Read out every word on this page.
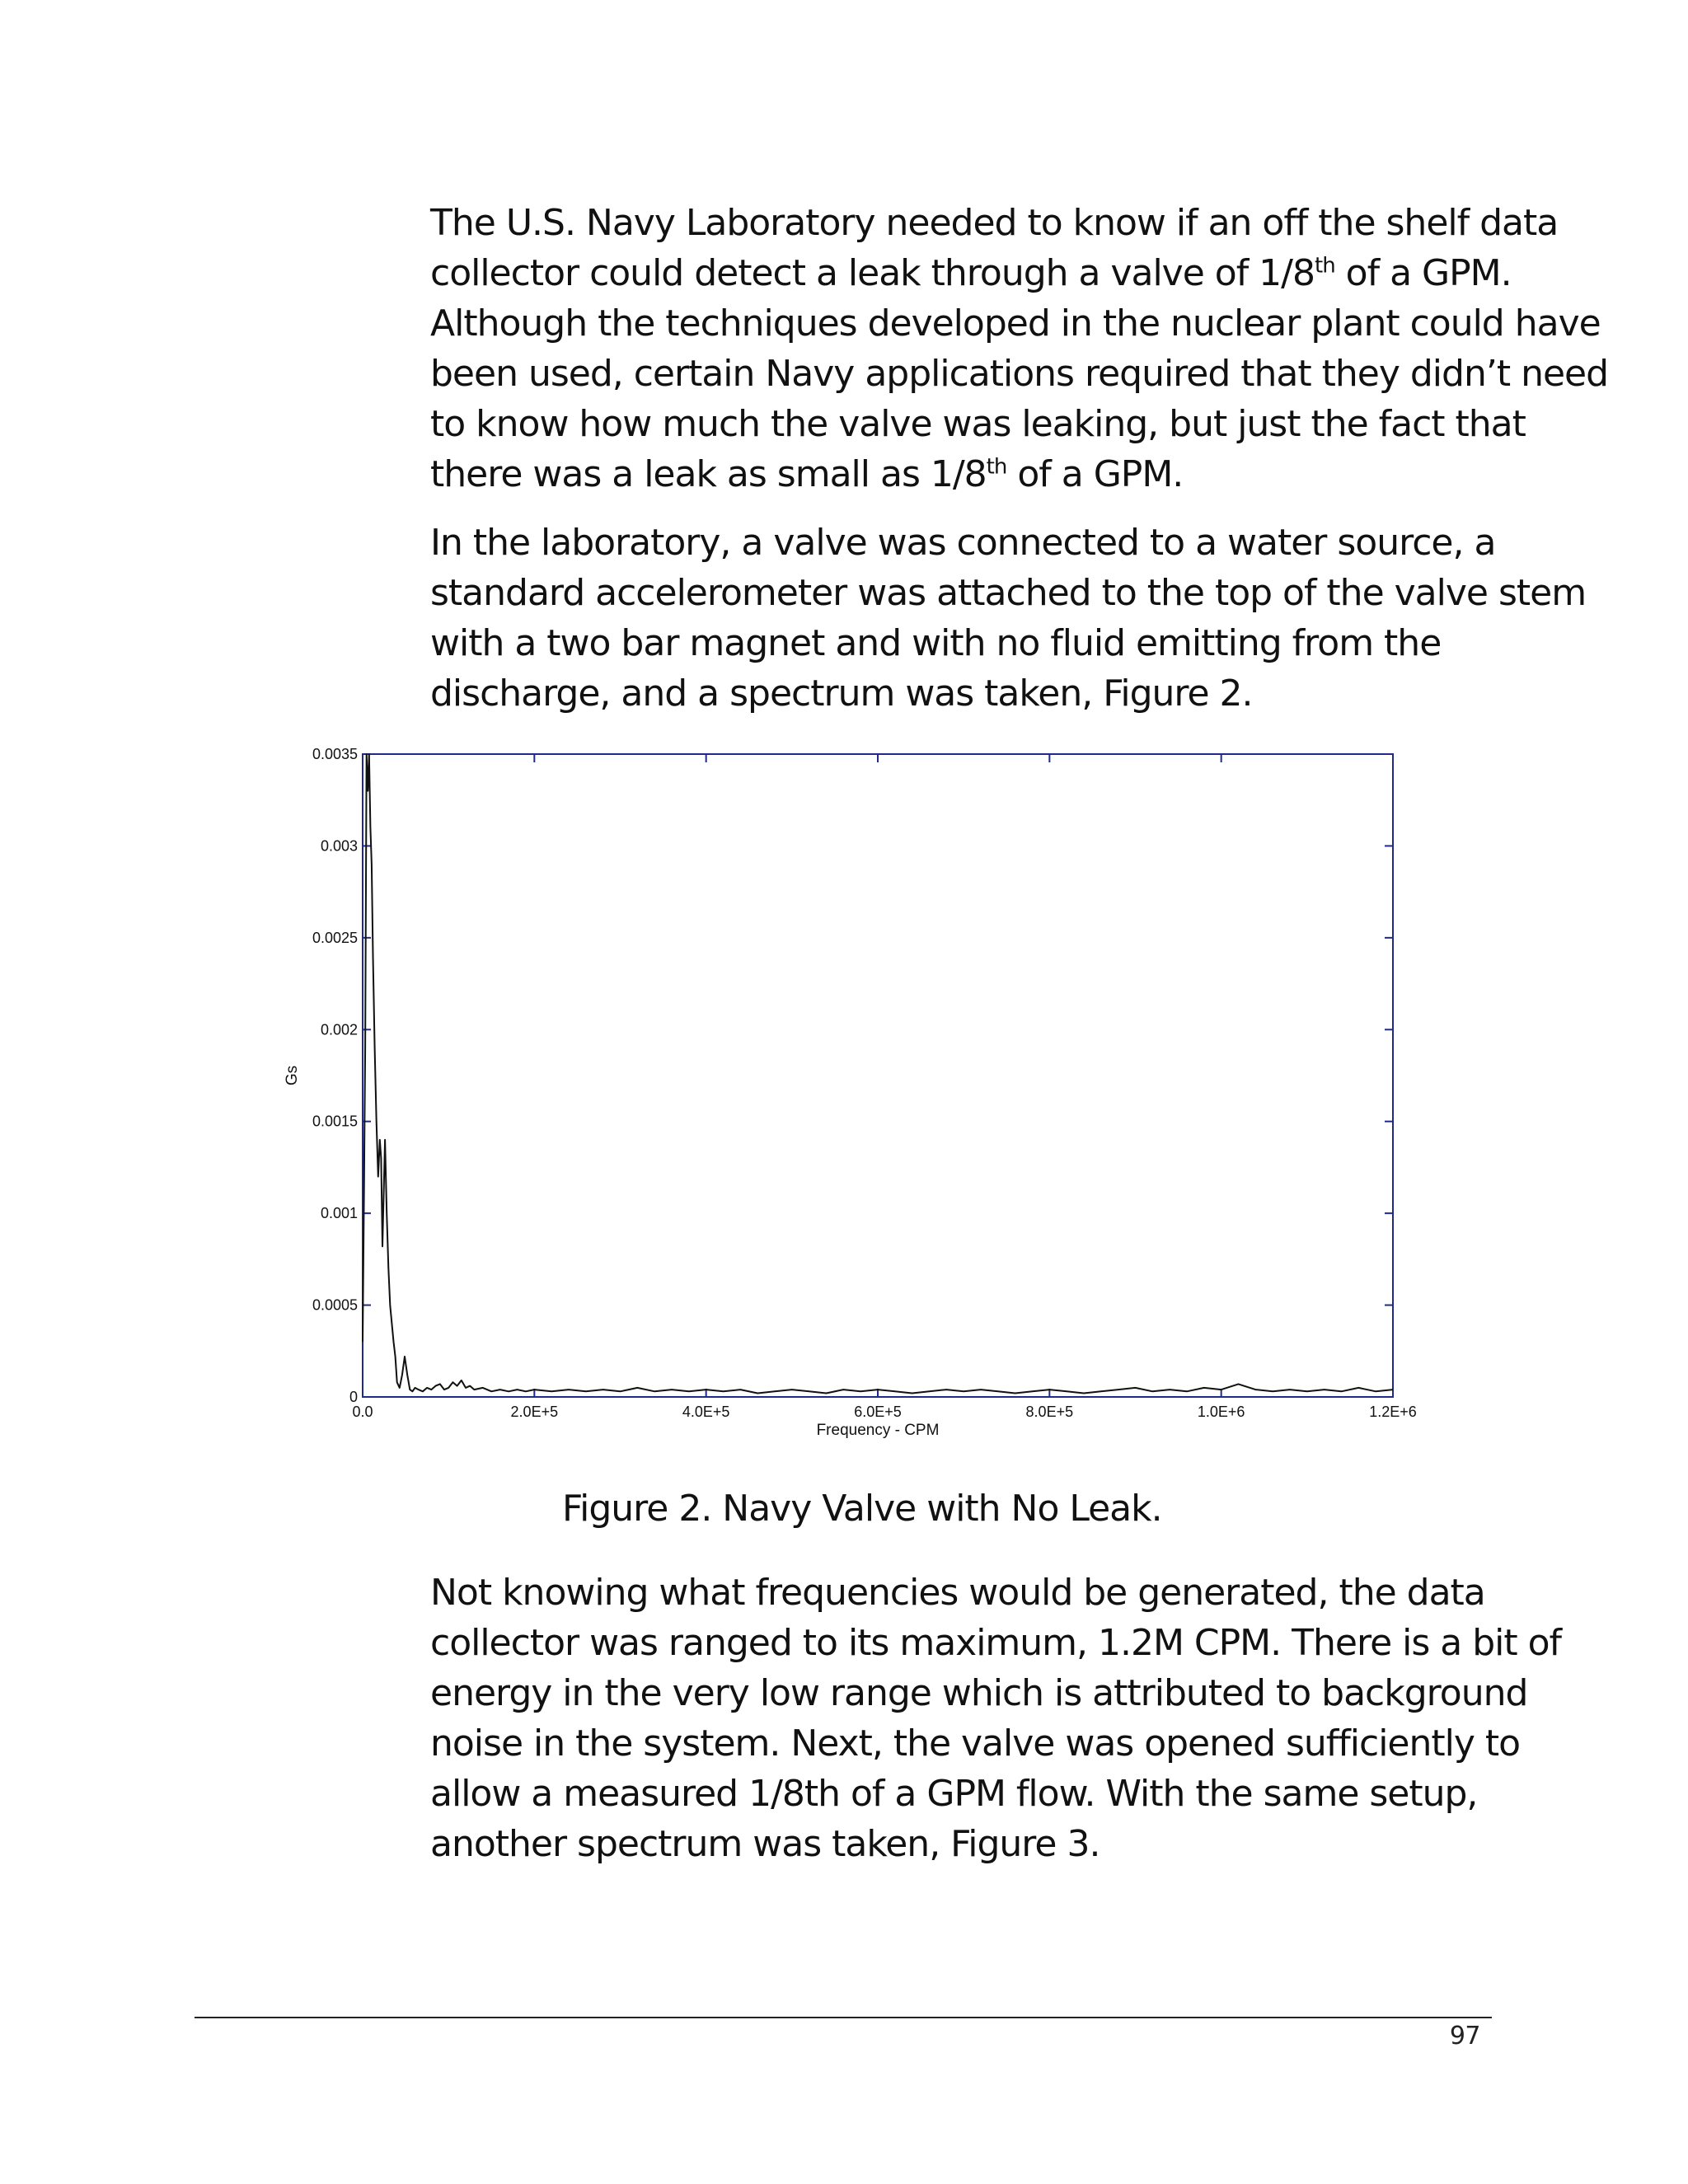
The U.S. Navy Laboratory needed to know if an off the shelf data
collector could detect a leak through a valve of 1/8th of a GPM.
Although the techniques developed in the nuclear plant could have
been used, certain Navy applications required that they didn’t need
to know how much the valve was leaking, but just the fact that
there was a leak as small as 1/8th of a GPM.

In the laboratory, a valve was connected to a water source, a
standard accelerometer was attached to the top of the valve stem
with a two bar magnet and with no fluid emitting from the
discharge, and a spectrum was taken, Figure 2.

0.0	2.0E+5	4.0E+5	6.0E+5	8.0E+5	1.0E+6	1.2E+6
0
0.0005
0.001
0.0015
0.002
0.0025
0.003
0.0035
Frequency - CPM
Gs

Figure 2. Navy Valve with No Leak.

Not knowing what frequencies would be generated, the data
collector was ranged to its maximum, 1.2M CPM. There is a bit of
energy in the very low range which is attributed to background
noise in the system. Next, the valve was opened sufficiently to
allow a measured 1/8th of a GPM flow. With the same setup,
another spectrum was taken, Figure 3.

97
